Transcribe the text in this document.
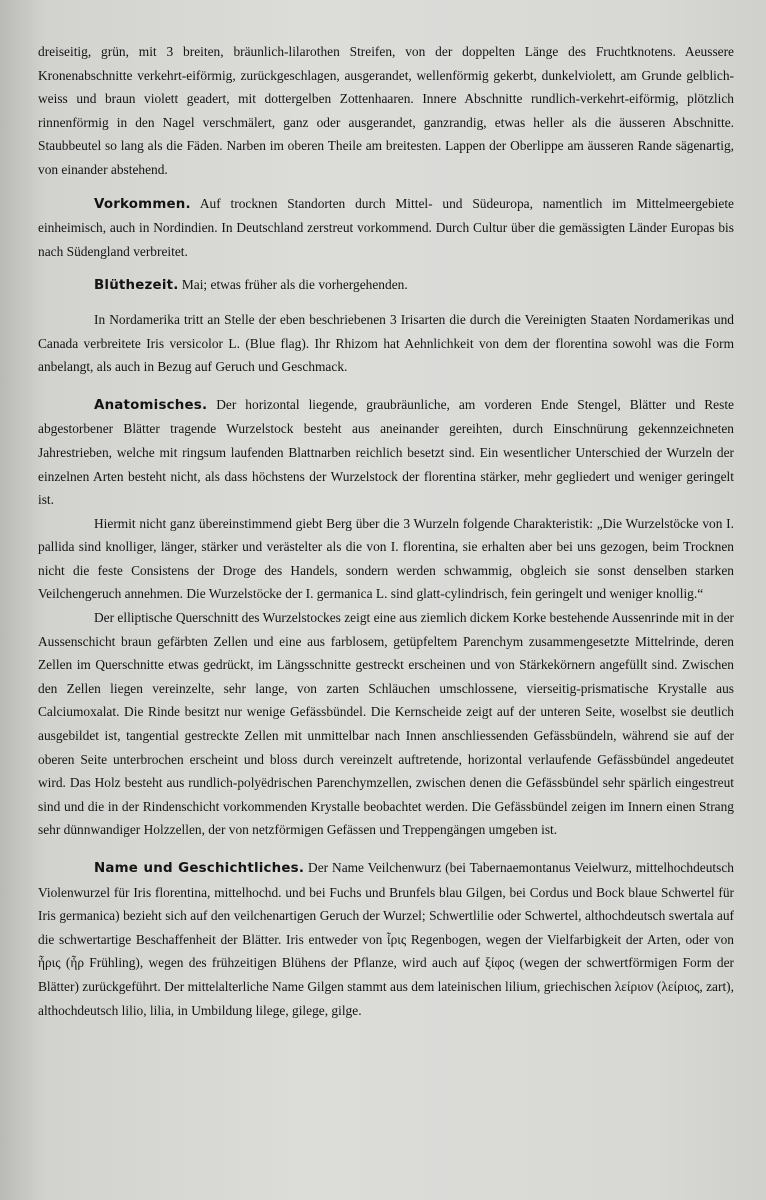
dreiseitig, grün, mit 3 breiten, bräunlich-lilarothen Streifen, von der doppelten Länge des Fruchtknotens. Aeussere Kronenabschnitte verkehrt-eiförmig, zurückgeschlagen, ausgerandet, wellenförmig gekerbt, dunkelviolett, am Grunde gelblich-weiss und braun violett geadert, mit dottergelben Zottenhaaren. Innere Abschnitte rundlich-verkehrt-eiförmig, plötzlich rinnenförmig in den Nagel verschmälert, ganz oder ausgerandet, ganzrandig, etwas heller als die äusseren Abschnitte. Staubbeutel so lang als die Fäden. Narben im oberen Theile am breitesten. Lappen der Oberlippe am äusseren Rande sägenartig, von einander abstehend.

Vorkommen. Auf trocknen Standorten durch Mittel- und Südeuropa, namentlich im Mittelmeergebiete einheimisch, auch in Nordindien. In Deutschland zerstreut vorkommend. Durch Cultur über die gemässigten Länder Europas bis nach Südengland verbreitet.

Blüthezeit. Mai; etwas früher als die vorhergehenden.

In Nordamerika tritt an Stelle der eben beschriebenen 3 Irisarten die durch die Vereinigten Staaten Nordamerikas und Canada verbreitete Iris versicolor L. (Blue flag). Ihr Rhizom hat Aehnlichkeit von dem der florentina sowohl was die Form anbelangt, als auch in Bezug auf Geruch und Geschmack.

Anatomisches. Der horizontal liegende, graubräunliche, am vorderen Ende Stengel, Blätter und Reste abgestorbener Blätter tragende Wurzelstock besteht aus aneinander gereihten, durch Einschnürung gekennzeichneten Jahrestrieben, welche mit ringsum laufenden Blattnarben reichlich besetzt sind. Ein wesentlicher Unterschied der Wurzeln der einzelnen Arten besteht nicht, als dass höchstens der Wurzelstock der florentina stärker, mehr gegliedert und weniger geringelt ist.

Hiermit nicht ganz übereinstimmend giebt Berg über die 3 Wurzeln folgende Charakteristik: „Die Wurzelstöcke von I. pallida sind knolliger, länger, stärker und verästelter als die von I. florentina, sie erhalten aber bei uns gezogen, beim Trocknen nicht die feste Consistens der Droge des Handels, sondern werden schwammig, obgleich sie sonst denselben starken Veilchengeruch annehmen. Die Wurzelstöcke der I. germanica L. sind glatt-cylindrisch, fein geringelt und weniger knollig.“

Der elliptische Querschnitt des Wurzelstockes zeigt eine aus ziemlich dickem Korke bestehende Aussenrinde mit in der Aussenschicht braun gefärbten Zellen und eine aus farblosem, getüpfeltem Parenchym zusammengesetzte Mittelrinde, deren Zellen im Querschnitte etwas gedrückt, im Längsschnitte gestreckt erscheinen und von Stärkekörnern angefüllt sind. Zwischen den Zellen liegen vereinzelte, sehr lange, von zarten Schläuchen umschlossene, vierseitig-prismatische Krystalle aus Calciumoxalat. Die Rinde besitzt nur wenige Gefässbündel. Die Kernscheide zeigt auf der unteren Seite, woselbst sie deutlich ausgebildet ist, tangential gestreckte Zellen mit unmittelbar nach Innen anschliessenden Gefässbündeln, während sie auf der oberen Seite unterbrochen erscheint und bloss durch vereinzelt auftretende, horizontal verlaufende Gefässbündel angedeutet wird. Das Holz besteht aus rundlich-polyëdrischen Parenchymzellen, zwischen denen die Gefässbündel sehr spärlich eingestreut sind und die in der Rindenschicht vorkommenden Krystalle beobachtet werden. Die Gefässbündel zeigen im Innern einen Strang sehr dünnwandiger Holzzellen, der von netzförmigen Gefässen und Treppengängen umgeben ist.

Name und Geschichtliches. Der Name Veilchenwurz (bei Tabernaemontanus Veielwurz, mittelhochdeutsch Violenwurzel für Iris florentina, mittelhochd. und bei Fuchs und Brunfels blau Gilgen, bei Cordus und Bock blaue Schwertel für Iris germanica) bezieht sich auf den veilchenartigen Geruch der Wurzel; Schwertlilie oder Schwertel, althochdeutsch swertala auf die schwertartige Beschaffenheit der Blätter. Iris entweder von ἶρις Regenbogen, wegen der Vielfarbigkeit der Arten, oder von ἦρις (ἦρ Frühling), wegen des frühzeitigen Blühens der Pflanze, wird auch auf ξίφος (wegen der schwertförmigen Form der Blätter) zurückgeführt. Der mittelalterliche Name Gilgen stammt aus dem lateinischen lilium, griechischen λείριον (λείριος, zart), althochdeutsch lilio, lilia, in Umbildung lilege, gilege, gilge.
